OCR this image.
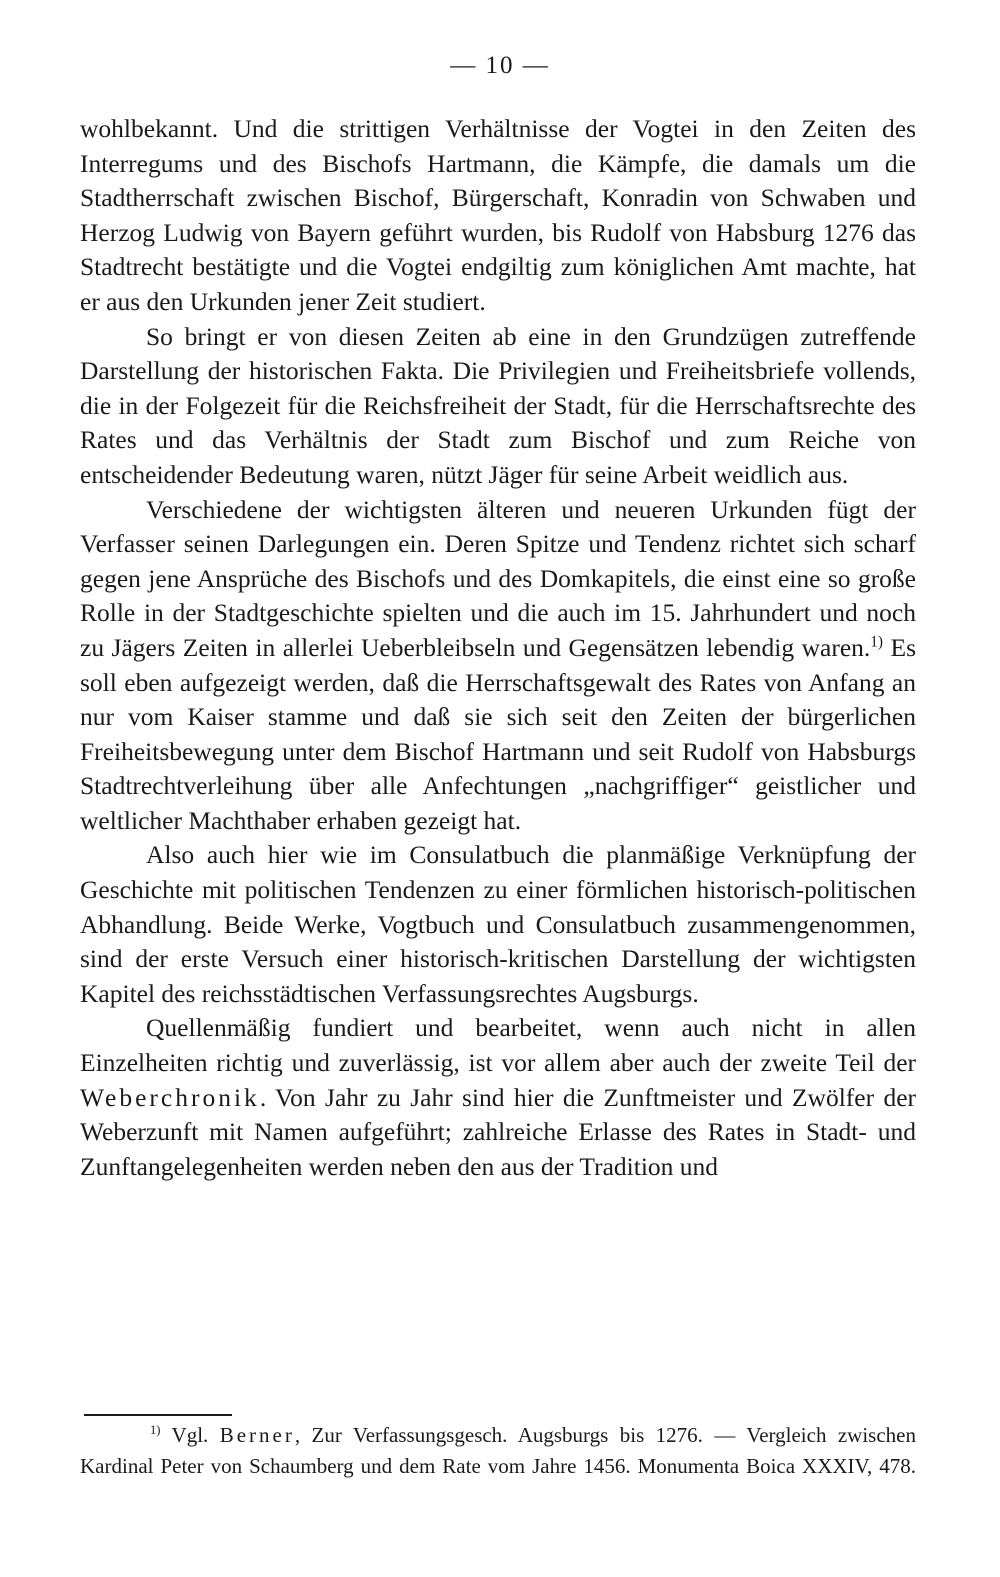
— 10 —

wohlbekannt. Und die strittigen Verhältnisse der Vogtei in den Zeiten des Interregums und des Bischofs Hartmann, die Kämpfe, die damals um die Stadtherrschaft zwischen Bischof, Bürgerschaft, Konradin von Schwaben und Herzog Ludwig von Bayern geführt wurden, bis Rudolf von Habsburg 1276 das Stadtrecht bestätigte und die Vogtei endgiltig zum königlichen Amt machte, hat er aus den Urkunden jener Zeit studiert.

So bringt er von diesen Zeiten ab eine in den Grundzügen zutreffende Darstellung der historischen Fakta. Die Privilegien und Freiheitsbriefe vollends, die in der Folgezeit für die Reichsfreiheit der Stadt, für die Herrschaftsrechte des Rates und das Verhältnis der Stadt zum Bischof und zum Reiche von entscheidender Bedeutung waren, nützt Jäger für seine Arbeit weidlich aus.

Verschiedene der wichtigsten älteren und neueren Urkunden fügt der Verfasser seinen Darlegungen ein. Deren Spitze und Tendenz richtet sich scharf gegen jene Ansprüche des Bischofs und des Domkapitels, die einst eine so große Rolle in der Stadtgeschichte spielten und die auch im 15. Jahrhundert und noch zu Jägers Zeiten in allerlei Ueberbleibseln und Gegensätzen lebendig waren.$^{1)}$ Es soll eben aufgezeigt werden, daß die Herrschaftsgewalt des Rates von Anfang an nur vom Kaiser stamme und daß sie sich seit den Zeiten der bürgerlichen Freiheitsbewegung unter dem Bischof Hartmann und seit Rudolf von Habsburgs Stadtrechtverleihung über alle Anfechtungen „nachgriffiger“ geistlicher und weltlicher Machthaber erhaben gezeigt hat.

Also auch hier wie im Consulatbuch die planmäßige Verknüpfung der Geschichte mit politischen Tendenzen zu einer förmlichen historisch-politischen Abhandlung. Beide Werke, Vogtbuch und Consulatbuch zusammengenommen, sind der erste Versuch einer historisch-kritischen Darstellung der wichtigsten Kapitel des reichsstädtischen Verfassungsrechtes Augsburgs.

Quellenmäßig fundiert und bearbeitet, wenn auch nicht in allen Einzelheiten richtig und zuverlässig, ist vor allem aber auch der zweite Teil der Weberchronik. Von Jahr zu Jahr sind hier die Zunftmeister und Zwölfer der Weberzunft mit Namen aufgeführt; zahlreiche Erlasse des Rates in Stadt- und Zunftangelegenheiten werden neben den aus der Tradition und

$^{1)}$ Vgl. Berner, Zur Verfassungsgesch. Augsburgs bis 1276. — Vergleich zwischen Kardinal Peter von Schaumberg und dem Rate vom Jahre 1456. Monumenta Boica XXXIV, 478.
